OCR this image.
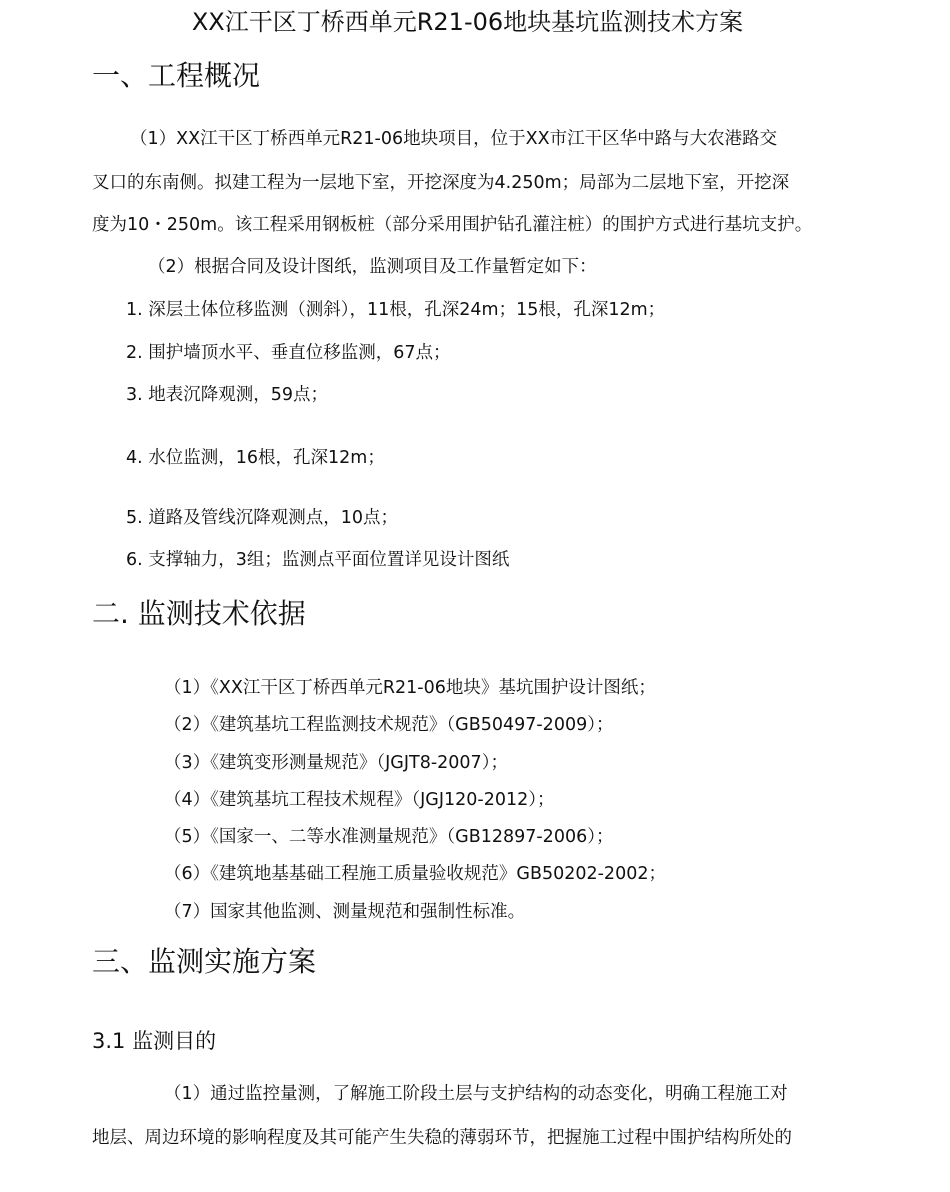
XX江干区丁桥西单元R21-06地块基坑监测技术方案
一、工程概况
（1）XX江干区丁桥西单元R21-06地块项目，位于XX市江干区华中路与大农港路交
叉口的东南侧。拟建工程为一层地下室，开挖深度为4.250m；局部为二层地下室，开挖深
度为10・250m。该工程采用钢板桩（部分采用围护钻孔灌注桩）的围护方式进行基坑支护。
（2）根据合同及设计图纸，监测项目及工作量暂定如下：
1. 深层土体位移监测（测斜），11根，孔深24m；15根，孔深12m；
2. 围护墙顶水平、垂直位移监测，67点；
3. 地表沉降观测，59点；
4. 水位监测，16根，孔深12m；
5. 道路及管线沉降观测点，10点；
6. 支撑轴力，3组；监测点平面位置详见设计图纸
二. 监测技术依据
（1）《XX江干区丁桥西单元R21-06地块》基坑围护设计图纸；
（2）《建筑基坑工程监测技术规范》（GB50497-2009）；
（3）《建筑变形测量规范》（JGJT8-2007）；
（4）《建筑基坑工程技术规程》（JGJ120-2012）；
（5）《国家一、二等水准测量规范》（GB12897-2006）；
（6）《建筑地基基础工程施工质量验收规范》GB50202-2002；
（7）国家其他监测、测量规范和强制性标准。
三、监测实施方案
3.1 监测目的
（1）通过监控量测，了解施工阶段土层与支护结构的动态变化，明确工程施工对
地层、周边环境的影响程度及其可能产生失稳的薄弱环节，把握施工过程中围护结构所处的
